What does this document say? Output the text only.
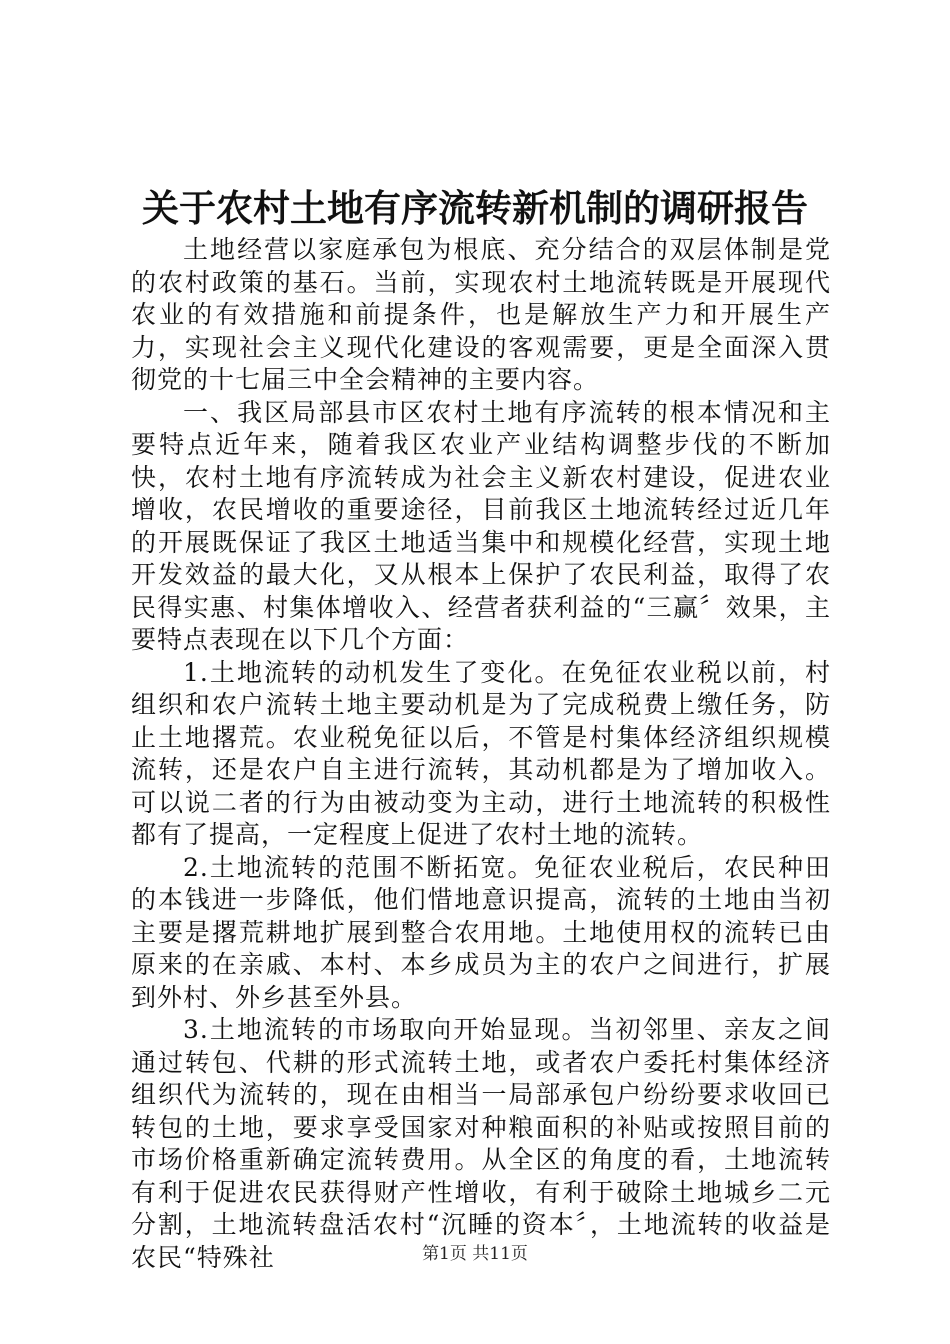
关于农村土地有序流转新机制的调研报告

土地经营以家庭承包为根底、充分结合的双层体制是党的农村政策的基石。当前，实现农村土地流转既是开展现代农业的有效措施和前提条件，也是解放生产力和开展生产力，实现社会主义现代化建设的客观需要，更是全面深入贯彻党的十七届三中全会精神的主要内容。

一、我区局部县市区农村土地有序流转的根本情况和主要特点近年来，随着我区农业产业结构调整步伐的不断加快，农村土地有序流转成为社会主义新农村建设，促进农业增收，农民增收的重要途径，目前我区土地流转经过近几年的开展既保证了我区土地适当集中和规模化经营，实现土地开发效益的最大化，又从根本上保护了农民利益，取得了农民得实惠、村集体增收入、经营者获利益的“三赢〞效果，主要特点表现在以下几个方面：

1.土地流转的动机发生了变化。在免征农业税以前，村组织和农户流转土地主要动机是为了完成税费上缴任务，防止土地撂荒。农业税免征以后，不管是村集体经济组织规模流转，还是农户自主进行流转，其动机都是为了增加收入。可以说二者的行为由被动变为主动，进行土地流转的积极性都有了提高，一定程度上促进了农村土地的流转。

2.土地流转的范围不断拓宽。免征农业税后，农民种田的本钱进一步降低，他们惜地意识提高，流转的土地由当初主要是撂荒耕地扩展到整合农用地。土地使用权的流转已由原来的在亲戚、本村、本乡成员为主的农户之间进行，扩展到外村、外乡甚至外县。

3.土地流转的市场取向开始显现。当初邻里、亲友之间通过转包、代耕的形式流转土地，或者农户委托村集体经济组织代为流转的，现在由相当一局部承包户纷纷要求收回已转包的土地，要求享受国家对种粮面积的补贴或按照目前的市场价格重新确定流转费用。从全区的角度的看，土地流转有利于促进农民获得财产性增收，有利于破除土地城乡二元分割，土地流转盘活农村“沉睡的资本〞，土地流转的收益是农民“特殊社	第1页 共11页
